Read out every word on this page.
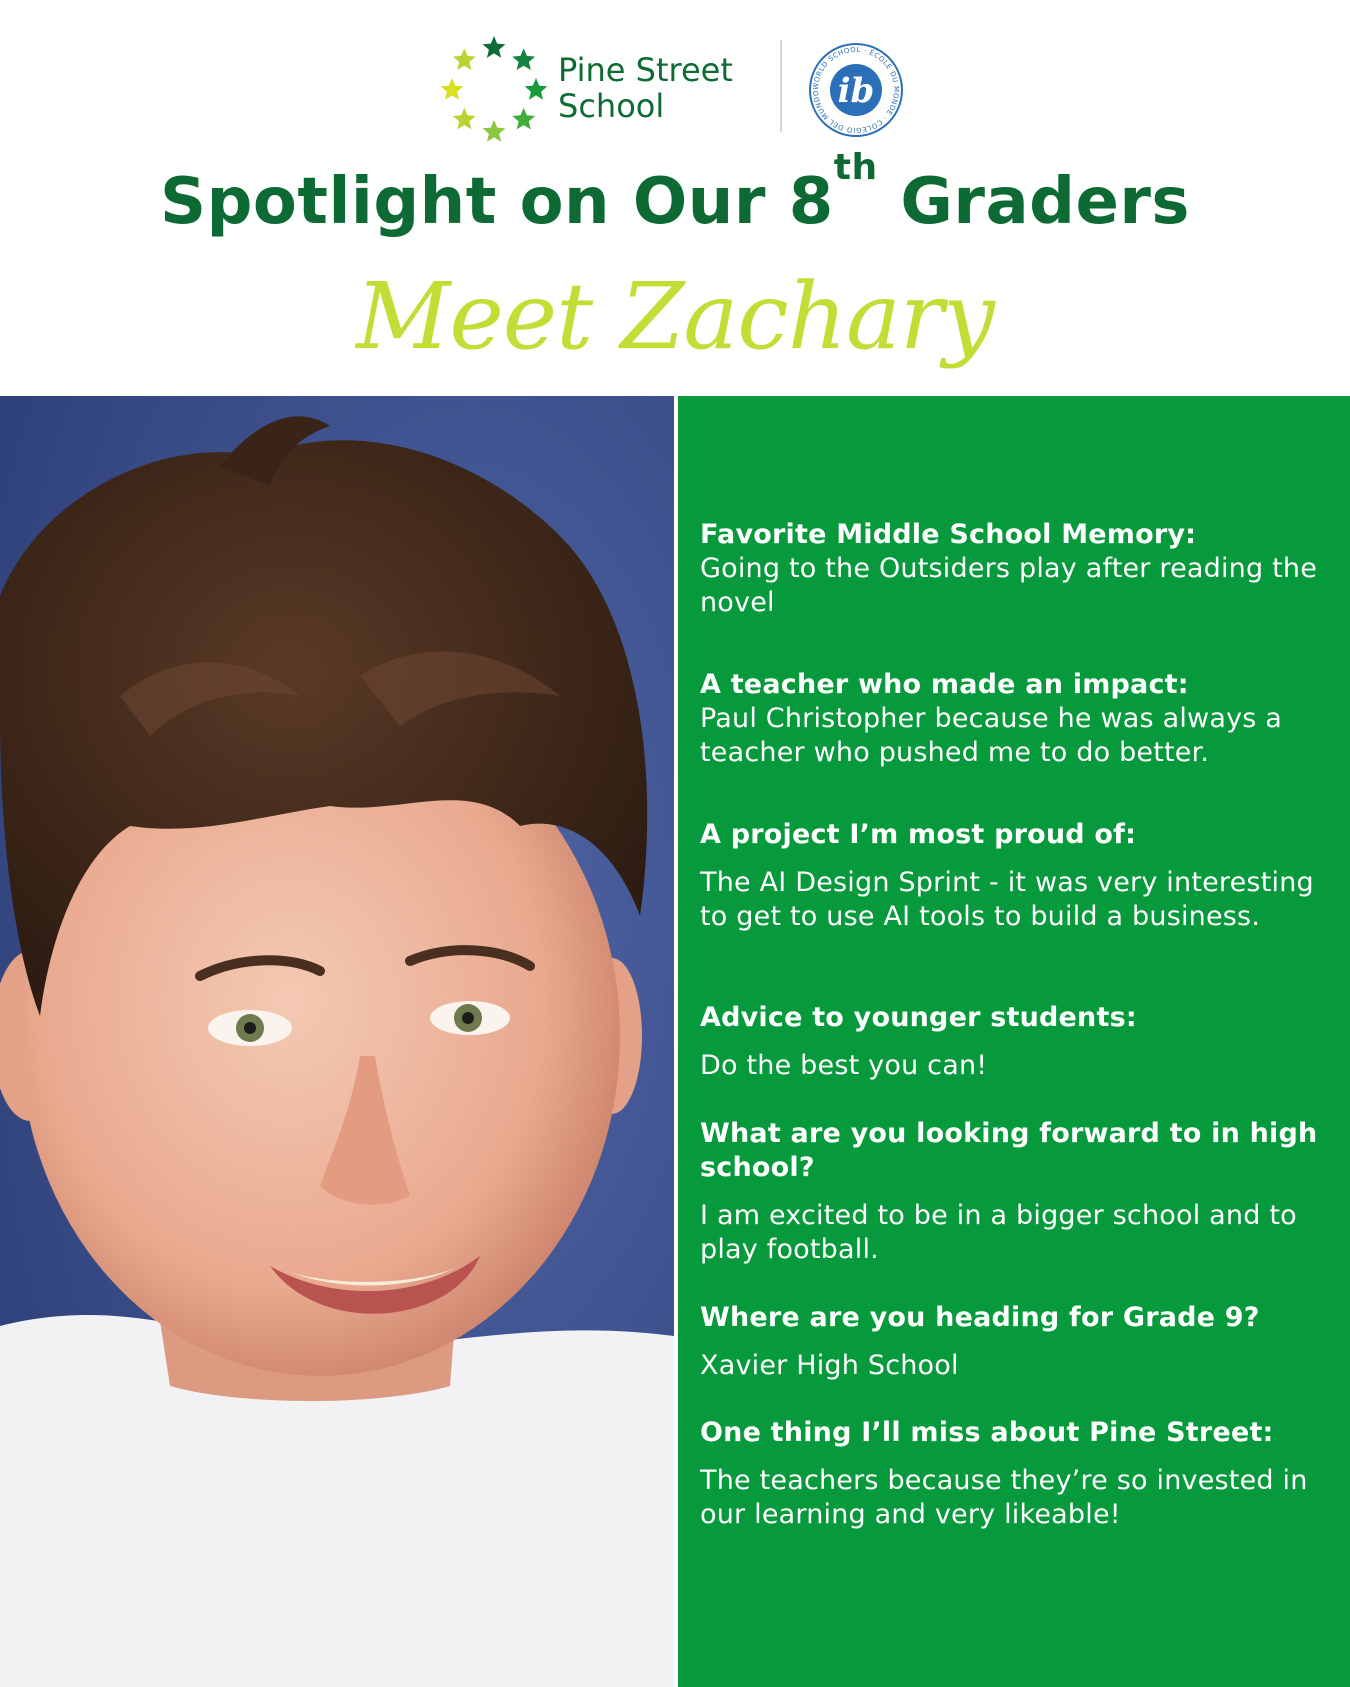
Pine Street
School
WORLD SCHOOL · ÉCOLE DU MONDE · COLEGIO DEL MUNDO ib
Spotlight on Our 8th Graders
Meet Zachary
Favorite Middle School Memory:
Going to the Outsiders play after reading the novel
A teacher who made an impact:
Paul Christopher because he was always a teacher who pushed me to do better.
A project I’m most proud of:
The AI Design Sprint - it was very interesting to get to use AI tools to build a business.
Advice to younger students:
Do the best you can!
What are you looking forward to in high school?
I am excited to be in a bigger school and to play football.
Where are you heading for Grade 9?
Xavier High School
One thing I’ll miss about Pine Street:
The teachers because they’re so invested in our learning and very likeable!
